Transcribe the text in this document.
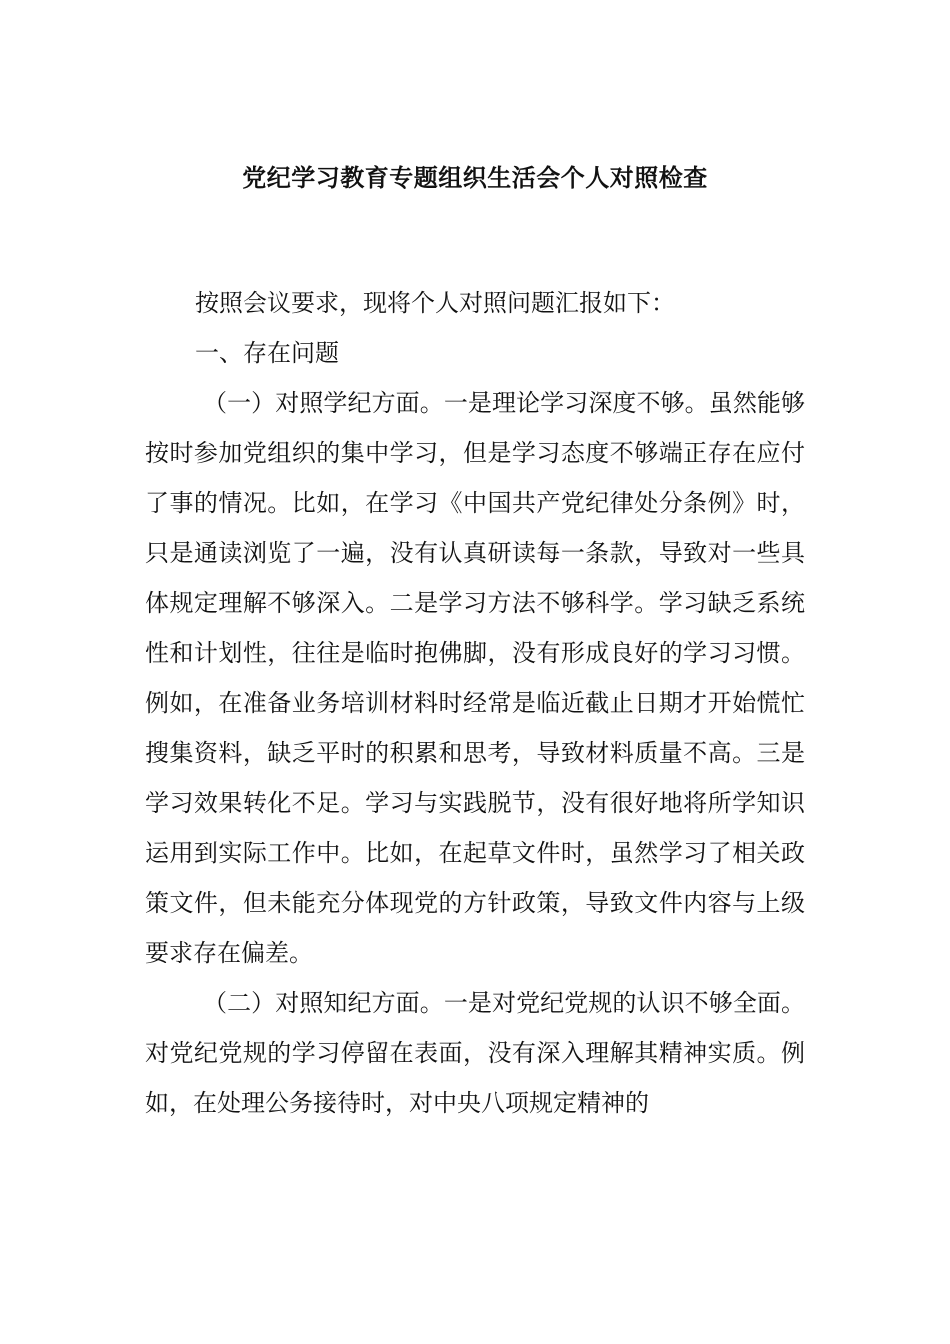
党纪学习教育专题组织生活会个人对照检查

按照会议要求，现将个人对照问题汇报如下：

一、存在问题

（一）对照学纪方面。一是理论学习深度不够。虽然能够按时参加党组织的集中学习，但是学习态度不够端正存在应付了事的情况。比如，在学习《中国共产党纪律处分条例》时，只是通读浏览了一遍，没有认真研读每一条款，导致对一些具体规定理解不够深入。二是学习方法不够科学。学习缺乏系统性和计划性，往往是临时抱佛脚，没有形成良好的学习习惯。例如，在准备业务培训材料时经常是临近截止日期才开始慌忙搜集资料，缺乏平时的积累和思考，导致材料质量不高。三是学习效果转化不足。学习与实践脱节，没有很好地将所学知识运用到实际工作中。比如，在起草文件时，虽然学习了相关政策文件，但未能充分体现党的方针政策，导致文件内容与上级要求存在偏差。

（二）对照知纪方面。一是对党纪党规的认识不够全面。对党纪党规的学习停留在表面，没有深入理解其精神实质。例如，在处理公务接待时，对中央八项规定精神的
